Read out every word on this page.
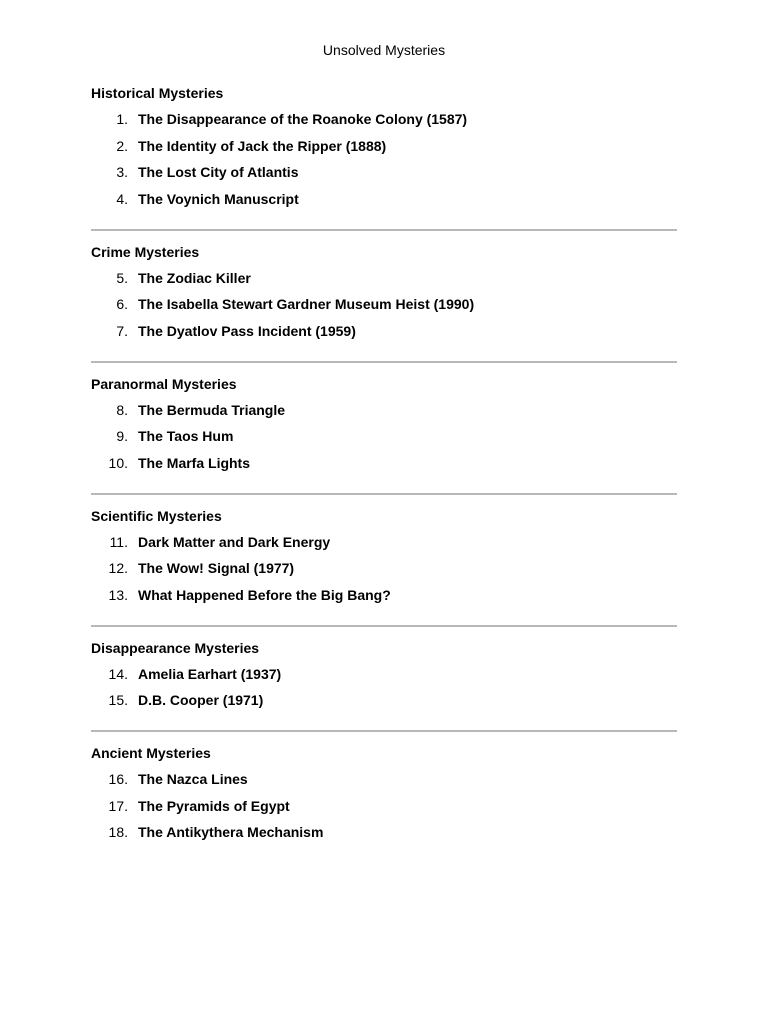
Unsolved Mysteries
Historical Mysteries
1. The Disappearance of the Roanoke Colony (1587)
2. The Identity of Jack the Ripper (1888)
3. The Lost City of Atlantis
4. The Voynich Manuscript
Crime Mysteries
5. The Zodiac Killer
6. The Isabella Stewart Gardner Museum Heist (1990)
7. The Dyatlov Pass Incident (1959)
Paranormal Mysteries
8. The Bermuda Triangle
9. The Taos Hum
10. The Marfa Lights
Scientific Mysteries
11. Dark Matter and Dark Energy
12. The Wow! Signal (1977)
13. What Happened Before the Big Bang?
Disappearance Mysteries
14. Amelia Earhart (1937)
15. D.B. Cooper (1971)
Ancient Mysteries
16. The Nazca Lines
17. The Pyramids of Egypt
18. The Antikythera Mechanism
